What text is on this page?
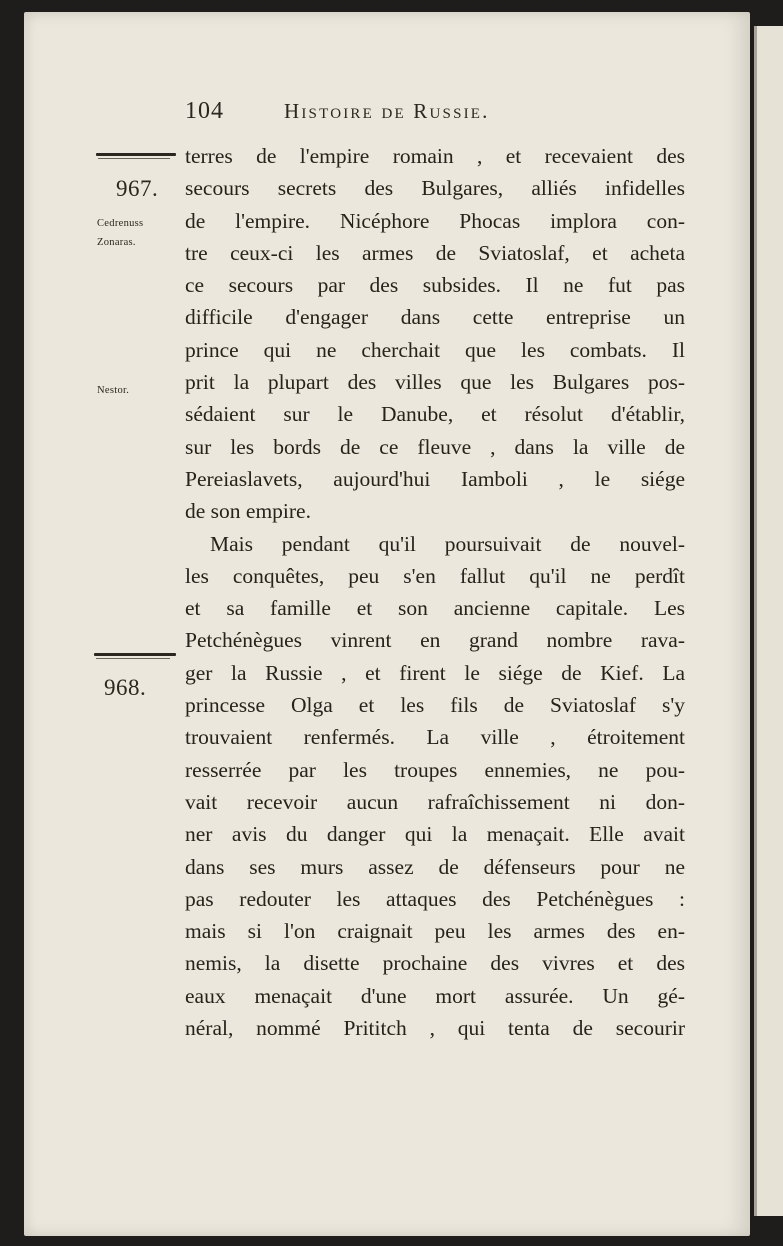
104	Histoire de Russie.
967.
Cedrenuss
Zonaras.
Nestor.
968.
terres de l'empire romain , et recevaient des
secours secrets des Bulgares, alliés infidelles
de l'empire. Nicéphore Phocas implora con-
tre ceux-ci les armes de Sviatoslaf, et acheta
ce secours par des subsides. Il ne fut pas
difficile d'engager dans cette entreprise un
prince qui ne cherchait que les combats. Il
prit la plupart des villes que les Bulgares pos-
sédaient sur le Danube, et résolut d'établir,
sur les bords de ce fleuve , dans la ville de
Pereiaslavets, aujourd'hui Iamboli , le siége
de son empire.
Mais pendant qu'il poursuivait de nouvel-
les conquêtes, peu s'en fallut qu'il ne perdît
et sa famille et son ancienne capitale. Les
Petchénègues vinrent en grand nombre rava-
ger la Russie , et firent le siége de Kief. La
princesse Olga et les fils de Sviatoslaf s'y
trouvaient renfermés. La ville , étroitement
resserrée par les troupes ennemies, ne pou-
vait recevoir aucun rafraîchissement ni don-
ner avis du danger qui la menaçait. Elle avait
dans ses murs assez de défenseurs pour ne
pas redouter les attaques des Petchénègues :
mais si l'on craignait peu les armes des en-
nemis, la disette prochaine des vivres et des
eaux menaçait d'une mort assurée. Un gé-
néral, nommé Prititch , qui tenta de secourir
